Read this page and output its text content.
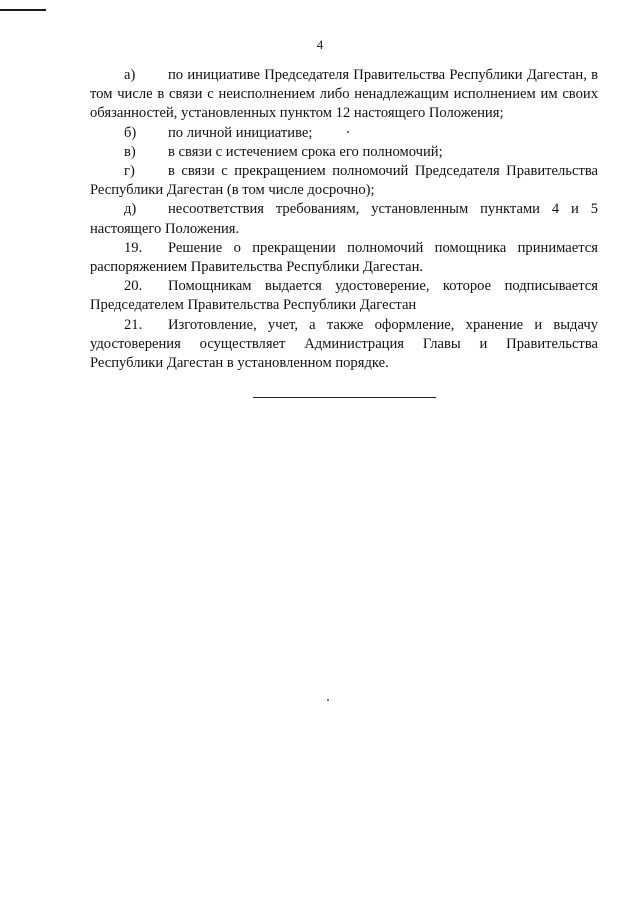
4

а) по инициативе Председателя Правительства Республики Дагестан, в том числе в связи с неисполнением либо ненадлежащим исполнением им своих обязанностей, установленных пунктом 12 настоящего Положения;

б) по личной инициативе;

в) в связи с истечением срока его полномочий;

г) в связи с прекращением полномочий Председателя Правительства Республики Дагестан (в том числе досрочно);

д) несоответствия требованиям, установленным пунктами 4 и 5 настоящего Положения.

19. Решение о прекращении полномочий помощника принимается распоряжением Правительства Республики Дагестан.

20. Помощникам выдается удостоверение, которое подписывается Председателем Правительства Республики Дагестан

21. Изготовление, учет, а также оформление, хранение и выдачу удостоверения осуществляет Администрация Главы и Правительства Республики Дагестан в установленном порядке.
